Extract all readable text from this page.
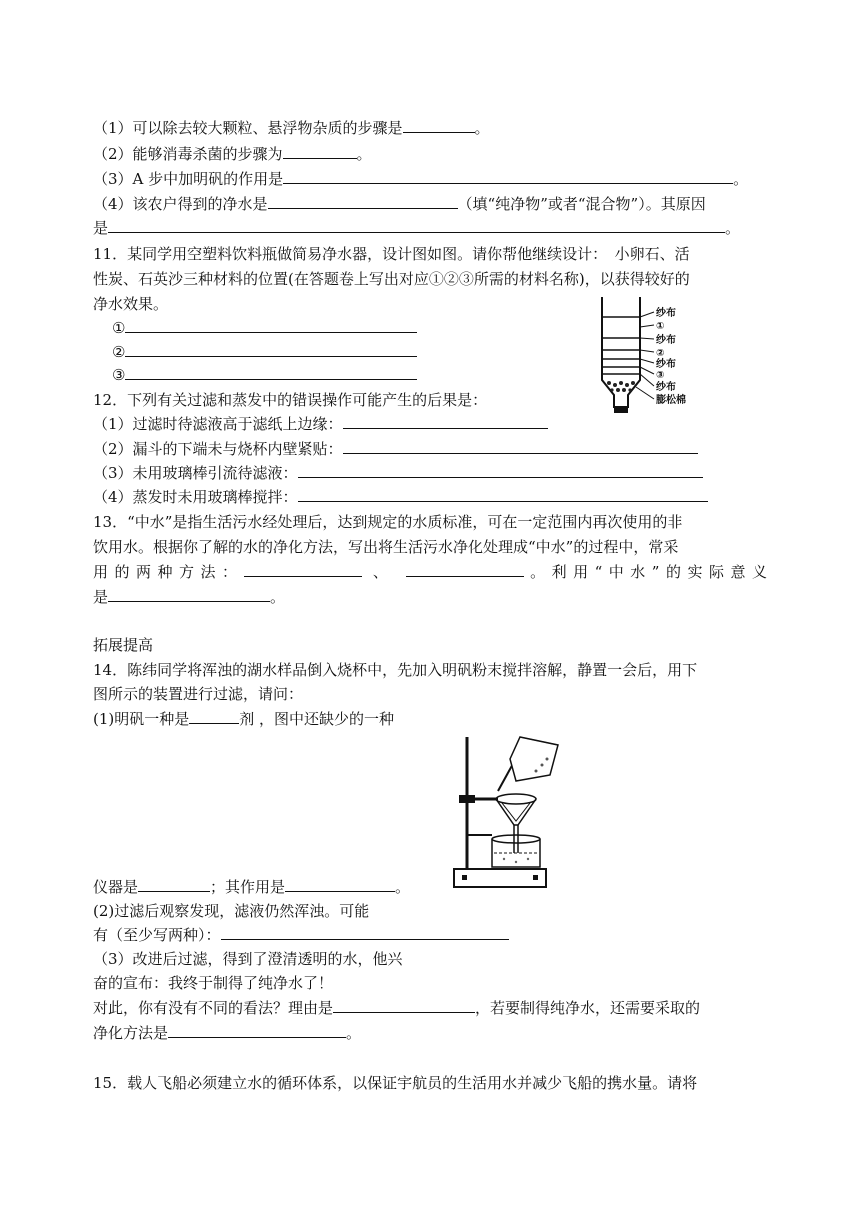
（1）可以除去较大颗粒、悬浮物杂质的步骤是	。
（2）能够消毒杀菌的步骤为	。
（3）A 步中加明矾的作用是	。
（4）该农户得到的净水是	（填“纯净物”或者“混合物”）。其原因
是	。
11．某同学用空塑料饮料瓶做简易净水器，设计图如图。请你帮他继续设计：　小卵石、活
性炭、石英沙三种材料的位置(在答题卷上写出对应①②③所需的材料名称)，以获得较好的
净水效果。
①
②
③
纱布
①
纱布
②
纱布
③
纱布
膨松棉
12．下列有关过滤和蒸发中的错误操作可能产生的后果是：
（1）过滤时待滤液高于滤纸上边缘：
（2）漏斗的下端未与烧杯内壁紧贴：
（3）未用玻璃棒引流待滤液：
（4）蒸发时未用玻璃棒搅拌：
13．“中水”是指生活污水经处理后，达到规定的水质标准，可在一定范围内再次使用的非
饮用水。根据你了解的水的净化方法，写出将生活污水净化处理成“中水”的过程中，常采
用的两种方法：	、	。利用“中水”的实际意义
是	。
拓展提高
14．陈纬同学将浑浊的湖水样品倒入烧杯中，先加入明矾粉末搅拌溶解，静置一会后，用下
图所示的装置进行过滤，请问：
(1)明矾一种是	剂 ，图中还缺少的一种
仪器是	；其作用是	。
(2)过滤后观察发现，滤液仍然浑浊。可能
有（至少写两种）：
（3）改进后过滤，得到了澄清透明的水，他兴
奋的宣布：我终于制得了纯净水了！
对此，你有没有不同的看法？理由是	，若要制得纯净水，还需要采取的
净化方法是	。
15．载人飞船必须建立水的循环体系，以保证宇航员的生活用水并减少飞船的携水量。请将
